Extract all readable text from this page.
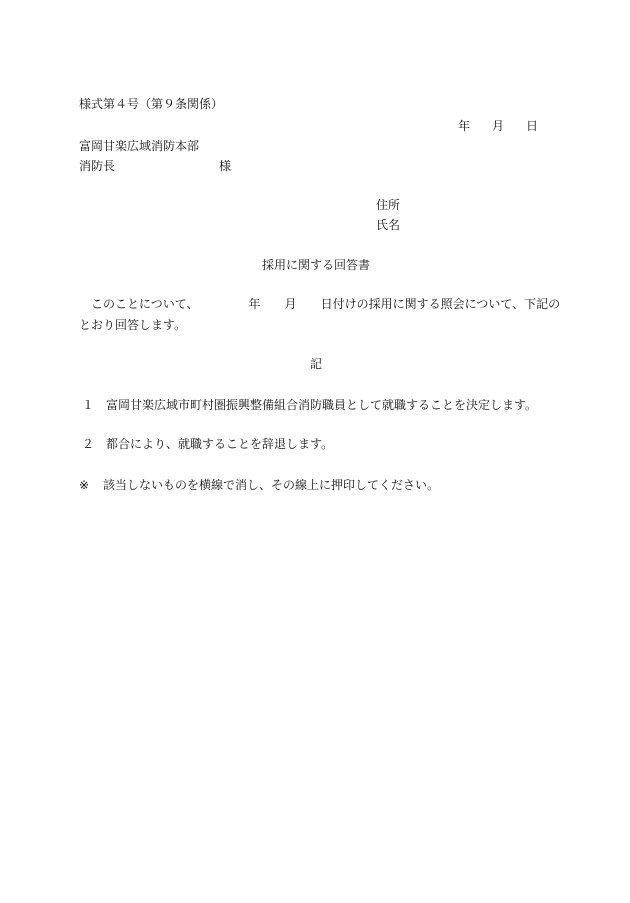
様式第４号（第９条関係）
年 月 日
富岡甘楽広域消防本部
消防長	様
住所
氏名
採用に関する回答書
このことについて、	年 月 日付けの採用に関する照会について、下記の
とおり回答します。
記
１ 富岡甘楽広域市町村圏振興整備組合消防職員として就職することを決定します。
２ 都合により、就職することを辞退します。
※ 該当しないものを横線で消し、その線上に押印してください。
